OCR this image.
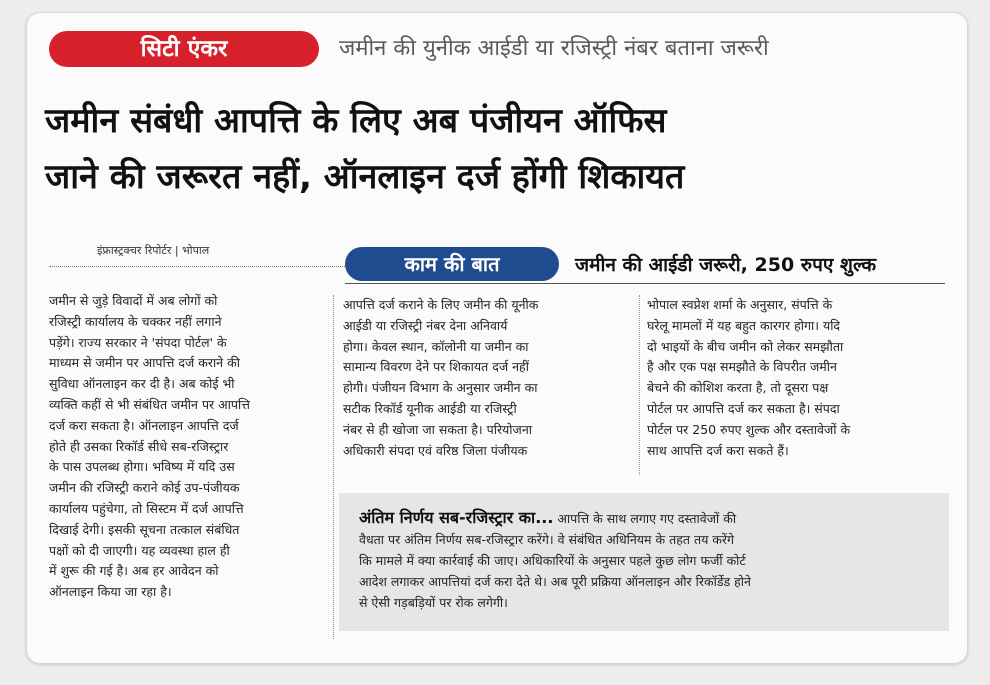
सिटी एंकर	जमीन की युनीक आईडी या रजिस्ट्री नंबर बताना जरूरी
जमीन संबंधी आपत्ति के लिए अब पंजीयन ऑफिस
जाने की जरूरत नहीं, ऑनलाइन दर्ज होंगी शिकायत
इंफ्रास्ट्रक्चर रिपोर्टर | भोपाल
काम की बात	जमीन की आईडी जरूरी, 250 रुपए शुल्क

जमीन से जुड़े विवादों में अब लोगों को

रजिस्ट्री कार्यालय के चक्कर नहीं लगाने

पड़ेंगे। राज्य सरकार ने 'संपदा पोर्टल' के

माध्यम से जमीन पर आपत्ति दर्ज कराने की

सुविधा ऑनलाइन कर दी है। अब कोई भी

व्यक्ति कहीं से भी संबंधित जमीन पर आपत्ति

दर्ज करा सकता है। ऑनलाइन आपत्ति दर्ज

होते ही उसका रिकॉर्ड सीधे सब-रजिस्ट्रार

के पास उपलब्ध होगा। भविष्य में यदि उस

जमीन की रजिस्ट्री कराने कोई उप-पंजीयक

कार्यालय पहुंचेगा, तो सिस्टम में दर्ज आपत्ति

दिखाई देगी। इसकी सूचना तत्काल संबंधित

पक्षों को दी जाएगी। यह व्यवस्था हाल ही

में शुरू की गई है। अब हर आवेदन को

ऑनलाइन किया जा रहा है।

आपत्ति दर्ज कराने के लिए जमीन की यूनीक

आईडी या रजिस्ट्री नंबर देना अनिवार्य

होगा। केवल स्थान, कॉलोनी या जमीन का

सामान्य विवरण देने पर शिकायत दर्ज नहीं

होगी। पंजीयन विभाग के अनुसार जमीन का

सटीक रिकॉर्ड यूनीक आईडी या रजिस्ट्री

नंबर से ही खोजा जा सकता है। परियोजना

अधिकारी संपदा एवं वरिष्ठ जिला पंजीयक

भोपाल स्वप्नेश शर्मा के अनुसार, संपत्ति के

घरेलू मामलों में यह बहुत कारगर होगा। यदि

दो भाइयों के बीच जमीन को लेकर समझौता

है और एक पक्ष समझौते के विपरीत जमीन

बेचने की कोशिश करता है, तो दूसरा पक्ष

पोर्टल पर आपत्ति दर्ज कर सकता है। संपदा

पोर्टल पर 250 रुपए शुल्क और दस्तावेजों के

साथ आपत्ति दर्ज करा सकते हैं।

अंतिम निर्णय सब-रजिस्ट्रार का... आपत्ति के साथ लगाए गए दस्तावेजों की

वैधता पर अंतिम निर्णय सब-रजिस्ट्रार करेंगे। वे संबंधित अधिनियम के तहत तय करेंगे

कि मामले में क्या कार्रवाई की जाए। अधिकारियों के अनुसार पहले कुछ लोग फर्जी कोर्ट

आदेश लगाकर आपत्तियां दर्ज करा देते थे। अब पूरी प्रक्रिया ऑनलाइन और रिकॉर्डेड होने

से ऐसी गड़बड़ियों पर रोक लगेगी।
